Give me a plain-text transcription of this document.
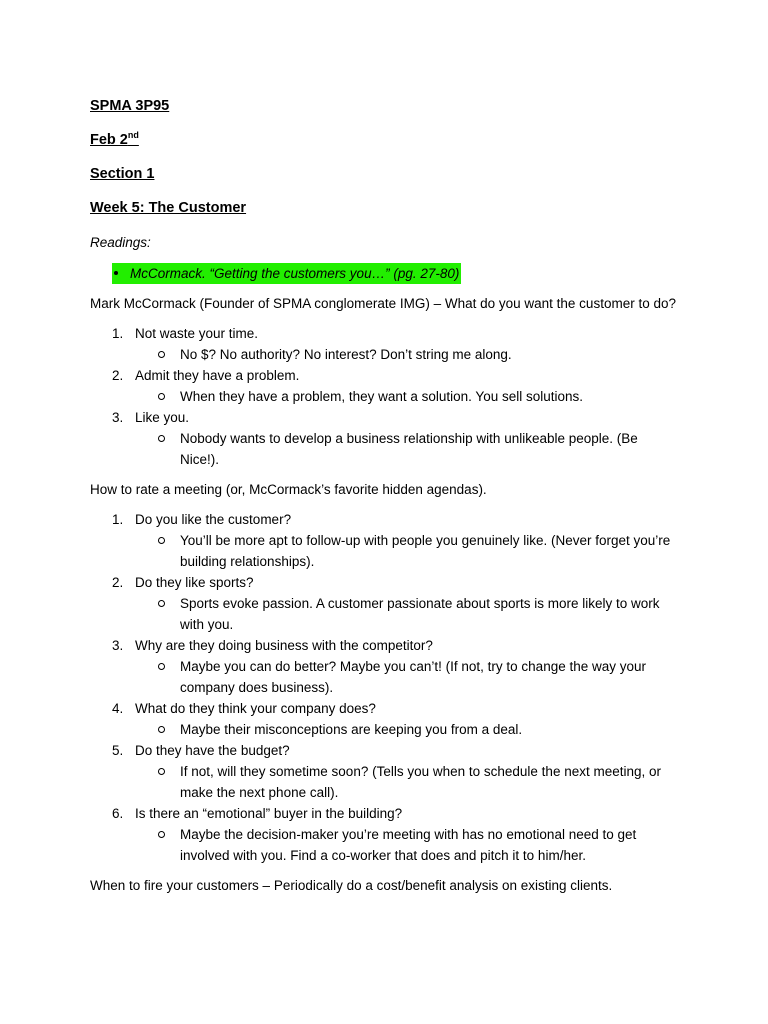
SPMA 3P95
Feb 2nd
Section 1
Week 5: The Customer
Readings:
McCormack. “Getting the customers you…” (pg. 27-80)
Mark McCormack (Founder of SPMA conglomerate IMG) – What do you want the customer to do?
1. Not waste your time.
No $? No authority? No interest? Don’t string me along.
2. Admit they have a problem.
When they have a problem, they want a solution. You sell solutions.
3. Like you.
Nobody wants to develop a business relationship with unlikeable people. (Be Nice!).
How to rate a meeting (or, McCormack’s favorite hidden agendas).
1. Do you like the customer?
You’ll be more apt to follow-up with people you genuinely like. (Never forget you’re building relationships).
2. Do they like sports?
Sports evoke passion. A customer passionate about sports is more likely to work with you.
3. Why are they doing business with the competitor?
Maybe you can do better? Maybe you can’t! (If not, try to change the way your company does business).
4. What do they think your company does?
Maybe their misconceptions are keeping you from a deal.
5. Do they have the budget?
If not, will they sometime soon? (Tells you when to schedule the next meeting, or make the next phone call).
6. Is there an “emotional” buyer in the building?
Maybe the decision-maker you’re meeting with has no emotional need to get involved with you. Find a co-worker that does and pitch it to him/her.
When to fire your customers – Periodically do a cost/benefit analysis on existing clients.
